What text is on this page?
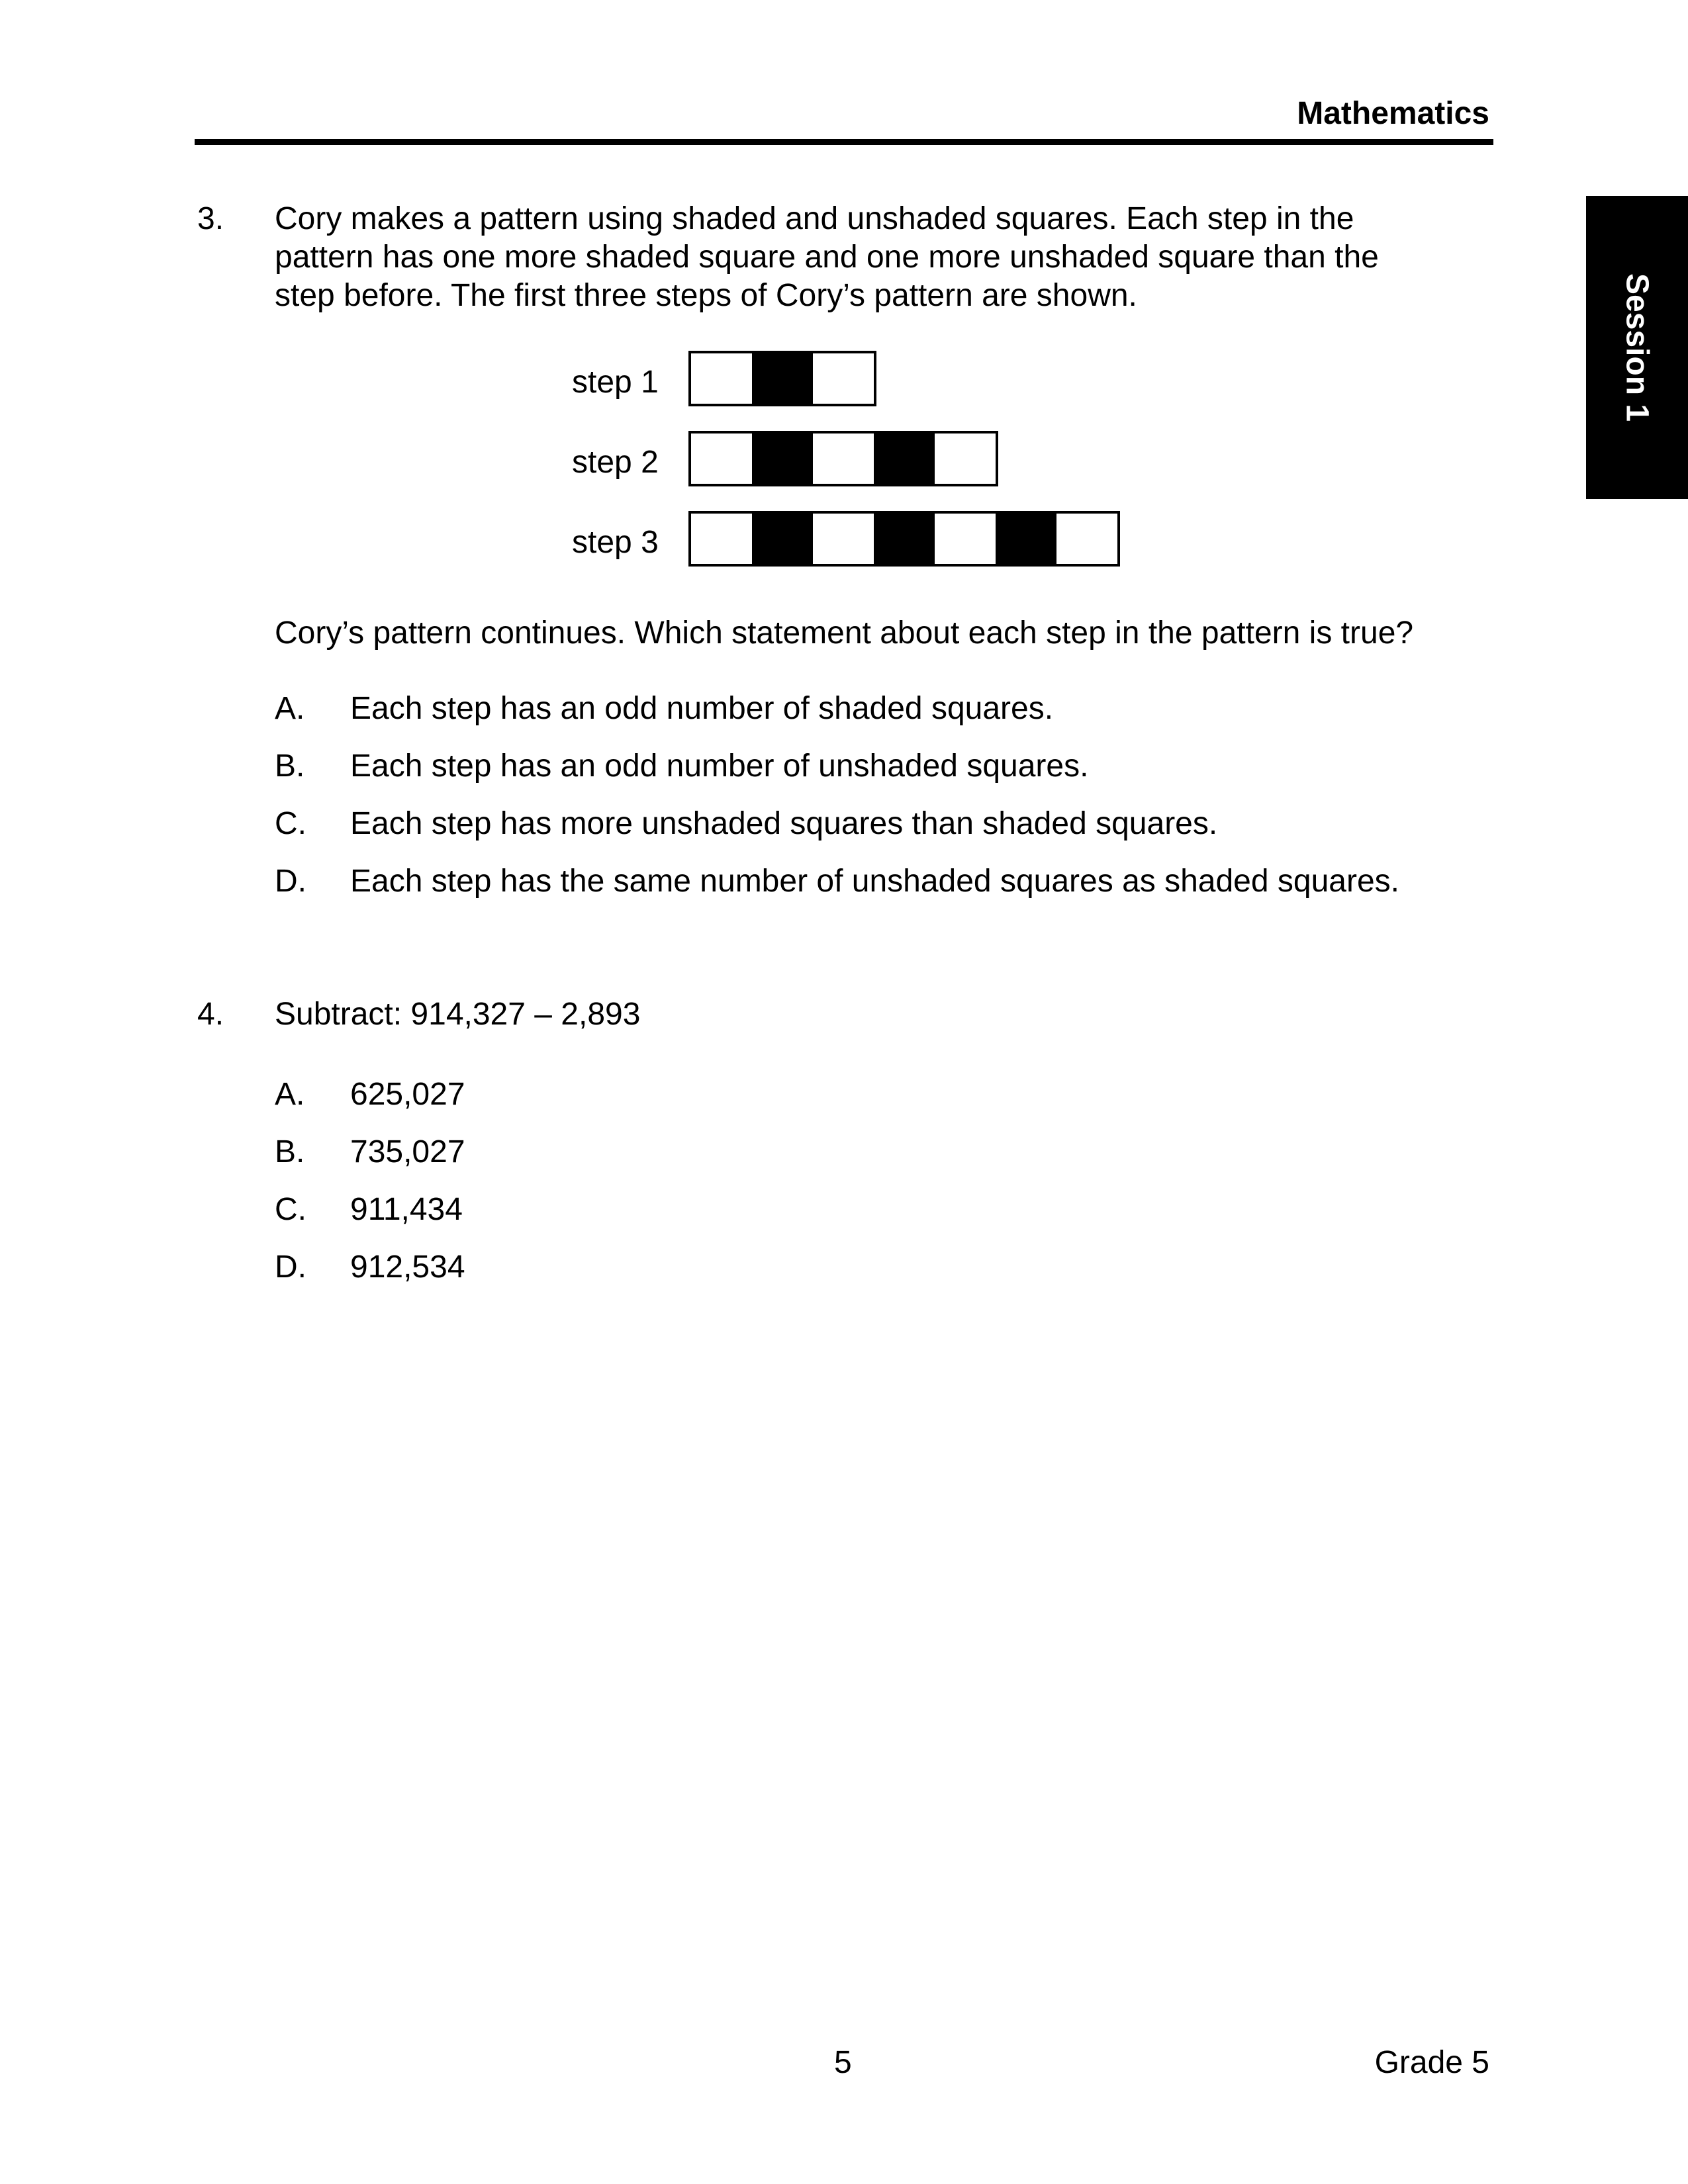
Mathematics
Session 1
3. Cory makes a pattern using shaded and unshaded squares. Each step in the
pattern has one more shaded square and one more unshaded square than the
step before. The first three steps of Cory’s pattern are shown.
step 1
step 2
step 3
Cory’s pattern continues. Which statement about each step in the pattern is true?
A. Each step has an odd number of shaded squares.
B. Each step has an odd number of unshaded squares.
C. Each step has more unshaded squares than shaded squares.
D. Each step has the same number of unshaded squares as shaded squares.
4. Subtract: 914,327 – 2,893
A. 625,027
B. 735,027
C. 911,434
D. 912,534
5	Grade 5
